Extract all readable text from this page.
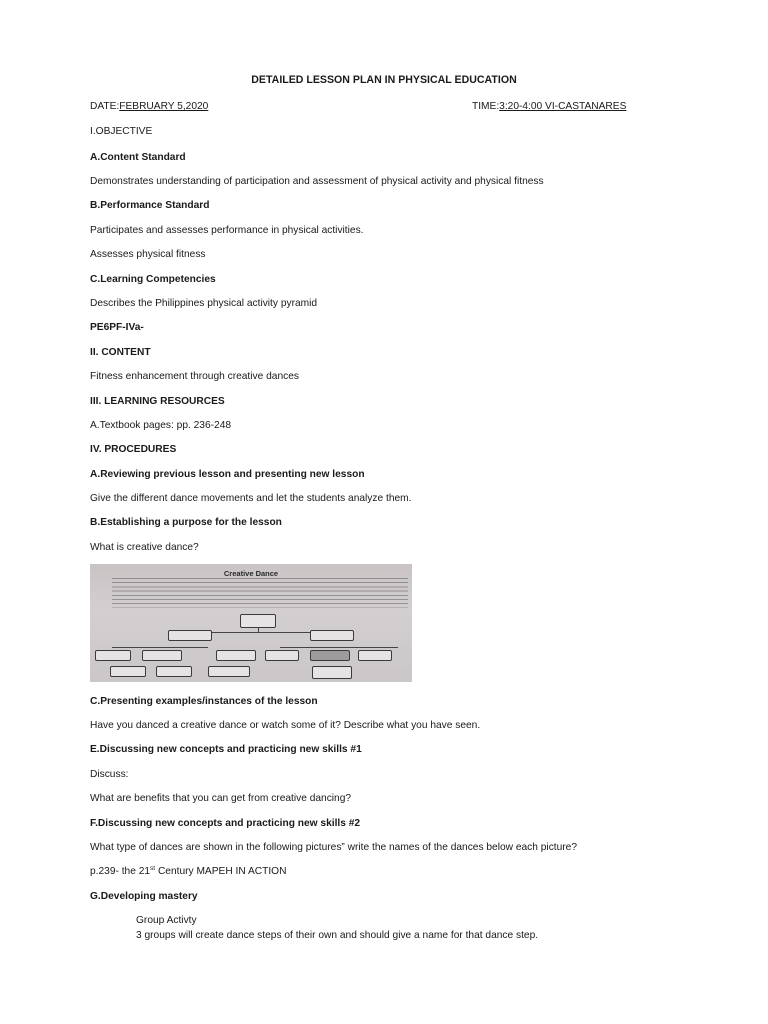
DETAILED LESSON PLAN IN PHYSICAL EDUCATION
DATE:FEBRUARY 5,2020	TIME:3:20-4:00 VI-CASTANARES
I.OBJECTIVE
A.Content Standard
Demonstrates understanding of participation and assessment of physical activity and physical fitness
B.Performance Standard
Participates and assesses performance in physical activities.
Assesses physical fitness
C.Learning Competencies
Describes the Philippines physical activity pyramid
PE6PF-IVa-
II. CONTENT
Fitness enhancement through creative dances
III. LEARNING RESOURCES
A.Textbook pages: pp. 236-248
IV. PROCEDURES
A.Reviewing previous lesson and presenting new lesson
Give the different dance movements and let the students analyze them.
B.Establishing a purpose for the lesson
What is creative dance?
Creative Dance
C.Presenting examples/instances of the lesson
Have you danced a creative dance or watch some of it? Describe what you have seen.
E.Discussing new concepts and practicing new skills #1
Discuss:
What are benefits that you can get from creative dancing?
F.Discussing new concepts and practicing new skills #2
What type of dances are shown in the following pictures” write the names of the dances below each picture?
p.239- the 21st Century MAPEH IN ACTION
G.Developing mastery
Group Activty
3 groups will create dance steps of their own and should give a name for that dance step.
